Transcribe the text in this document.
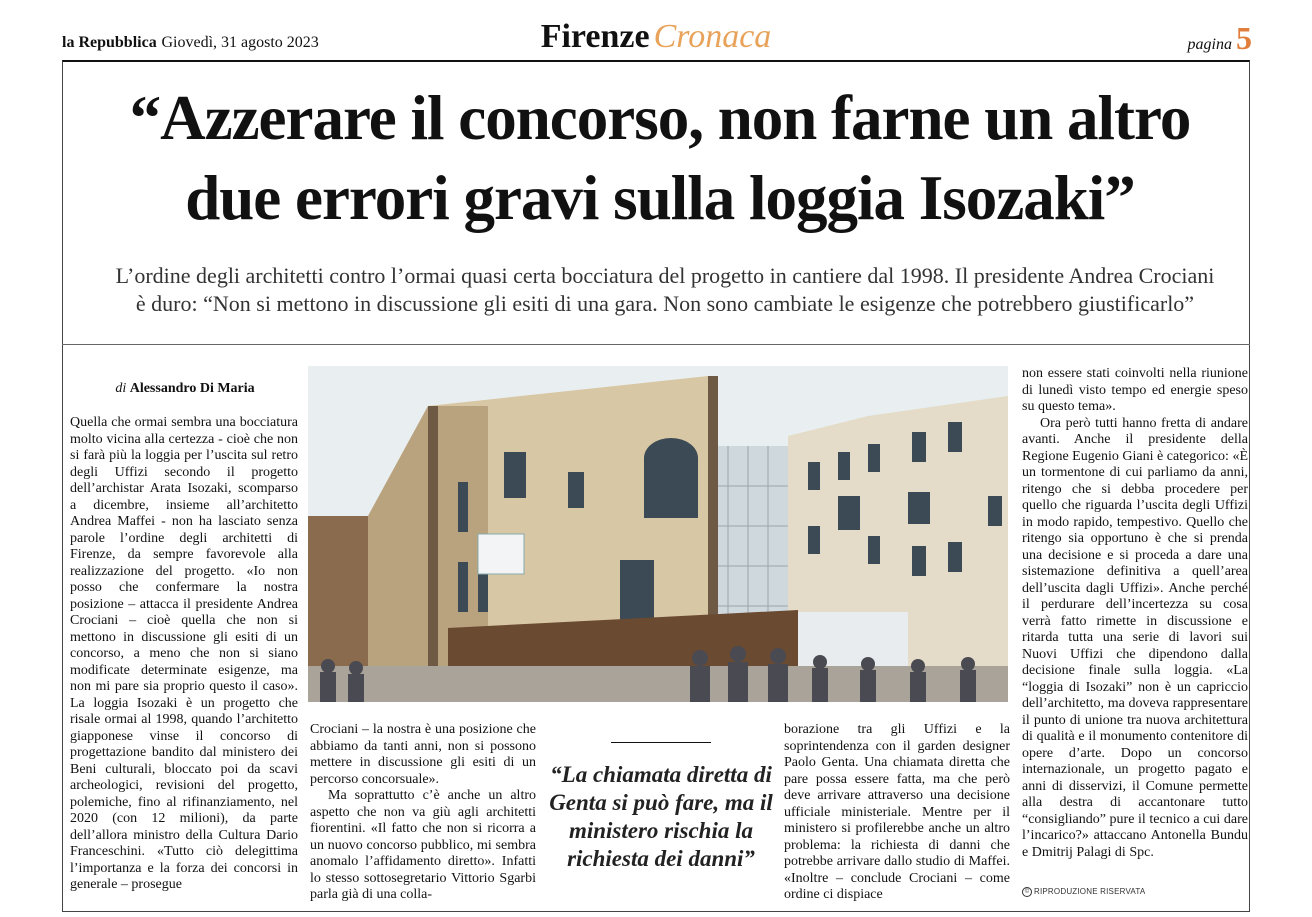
la Repubblica Giovedì, 31 agosto 2023	Firenze Cronaca	pagina 5
“Azzerare il concorso, non farne un altro
due errori gravi sulla loggia Isozaki”
L’ordine degli architetti contro l’ormai quasi certa bocciatura del progetto in cantiere dal 1998. Il presidente Andrea Crociani
è duro: “Non si mettono in discussione gli esiti di una gara. Non sono cambiate le esigenze che potrebbero giustificarlo”
di Alessandro Di Maria

Quella che ormai sembra una bocciatura molto vicina alla certezza - cioè che non si farà più la loggia per l’uscita sul retro degli Uffizi secondo il progetto dell’archistar Arata Isozaki, scomparso a dicembre, insieme all’architetto Andrea Maffei - non ha lasciato senza parole l’ordine degli architetti di Firenze, da sempre favorevole alla realizzazione del progetto. «Io non posso che confermare la nostra posizione – attacca il presidente Andrea Crociani – cioè quella che non si mettono in discussione gli esiti di un concorso, a meno che non si siano modificate determinate esigenze, ma non mi pare sia proprio questo il caso». La loggia Isozaki è un progetto che risale ormai al 1998, quando l’architetto giapponese vinse il concorso di progettazione bandito dal ministero dei Beni culturali, bloccato poi da scavi archeologici, revisioni del progetto, polemiche, fino al rifinanziamento, nel 2020 (con 12 milioni), da parte dell’allora ministro della Cultura Dario Franceschini. «Tutto ciò delegittima l’importanza e la forza dei concorsi in generale – prosegue

Crociani – la nostra è una posizione che abbiamo da tanti anni, non si possono mettere in discussione gli esiti di un percorso concorsuale».

Ma soprattutto c’è anche un altro aspetto che non va giù agli architetti fiorentini. «Il fatto che non si ricorra a un nuovo concorso pubblico, mi sembra anomalo l’affidamento diretto». Infatti lo stesso sottosegretario Vittorio Sgarbi parla già di una colla-

“La chiamata diretta di Genta si può fare, ma il ministero rischia la richiesta dei danni”

borazione tra gli Uffizi e la soprintendenza con il garden designer Paolo Genta. Una chiamata diretta che pare possa essere fatta, ma che però deve arrivare attraverso una decisione ufficiale ministeriale. Mentre per il ministero si profilerebbe anche un altro problema: la richiesta di danni che potrebbe arrivare dallo studio di Maffei. «Inoltre – conclude Crociani – come ordine ci dispiace

non essere stati coinvolti nella riunione di lunedì visto tempo ed energie speso su questo tema».

Ora però tutti hanno fretta di andare avanti. Anche il presidente della Regione Eugenio Giani è categorico: «È un tormentone di cui parliamo da anni, ritengo che si debba procedere per quello che riguarda l’uscita degli Uffizi in modo rapido, tempestivo. Quello che ritengo sia opportuno è che si prenda una decisione e si proceda a dare una sistemazione definitiva a quell’area dell’uscita dagli Uffizi». Anche perché il perdurare dell’incertezza su cosa verrà fatto rimette in discussione e ritarda tutta una serie di lavori sui Nuovi Uffizi che dipendono dalla decisione finale sulla loggia. «La “loggia di Isozaki” non è un capriccio dell’architetto, ma doveva rappresentare il punto di unione tra nuova architettura di qualità e il monumento contenitore di opere d’arte. Dopo un concorso internazionale, un progetto pagato e anni di disservizi, il Comune permette alla destra di accantonare tutto “consigliando” pure il tecnico a cui dare l’incarico?» attaccano Antonella Bundu e Dmitrij Palagi di Spc.

© RIPRODUZIONE RISERVATA
